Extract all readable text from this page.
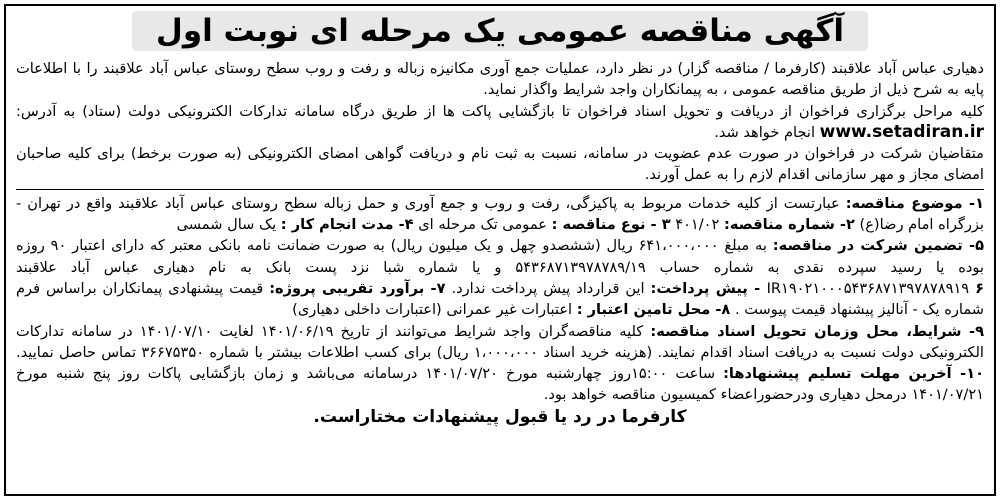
آگهی مناقصه عمومی یک مرحله ای نوبت اول

دهیاری عباس آباد علاقبند (کارفرما / مناقصه گزار) در نظر دارد، عملیات جمع آوری مکانیزه زباله و رفت و روب سطح روستای عباس آباد علاقبند را با اطلاعات پایه به شرح ذیل از طریق مناقصه عمومی ، به پیمانکاران واجد شرایط واگذار نماید.

کلیه مراحل برگزاری فراخوان از دریافت و تحویل اسناد فراخوان تا بازگشایی پاکت ها از طریق درگاه سامانه تدارکات الکترونیکی دولت (ستاد) به آدرس: www.setadiran.ir انجام خواهد شد.

متقاضیان شرکت در فراخوان در صورت عدم عضویت در سامانه، نسبت به ثبت نام و دریافت گواهی امضای الکترونیکی (به صورت برخط) برای کلیه صاحبان امضای مجاز و مهر سازمانی اقدام لازم را به عمل آورند.

۱- موضوع مناقصه: عبارتست از کلیه خدمات مربوط به پاکیزگی، رفت و روب و جمع آوری و حمل زباله سطح روستای عباس آباد علاقبند واقع در تهران - بزرگراه امام رضا(ع) ۲- شماره مناقصه: ۴۰۱/۰۲ ۳ - نوع مناقصه : عمومی تک مرحله ای ۴- مدت انجام کار : یک سال شمسی

۵- تضمین شرکت در مناقصه: به مبلغ ۶۴۱،۰۰۰،۰۰۰ ریال (ششصدو چهل و یک میلیون ریال) به صورت ضمانت نامه بانکی معتبر که دارای اعتبار ۹۰ روزه بوده یا رسید سپرده نقدی به شماره حساب ۵۴۳۶۸۷۱۳۹۷۸۷۸۹/۱۹ و یا شماره شبا نزد پست بانک به نام دهیاری عباس آباد علاقبند IR۱۹۰۲۱۰۰۰۵۴۳۶۸۷۱۳۹۷۸۷۸۹۱۹ ۶ - پیش پرداخت: این قرارداد پیش پرداخت ندارد. ۷- برآورد تقریبی پروژه: قیمت پیشنهادی پیمانکاران براساس فرم شماره یک - آنالیز پیشنهاد قیمت پیوست . ۸- محل تامین اعتبار : اعتبارات غیر عمرانی (اعتبارات داخلی دهیاری)

۹- شرایط، محل وزمان تحویل اسناد مناقصه: کلیه مناقصه‌گران واجد شرایط می‌توانند از تاریخ ۱۴۰۱/۰۶/۱۹ لغایت ۱۴۰۱/۰۷/۱۰ در سامانه تدارکات الکترونیکی دولت نسبت به دریافت اسناد اقدام نمایند. (هزینه خرید اسناد ۱،۰۰۰،۰۰۰ ریال) برای کسب اطلاعات بیشتر با شماره ۳۶۶۷۵۳۵۰ تماس حاصل نمایید. ۱۰- آخرین مهلت تسلیم پیشنهادها: ساعت ۱۵:۰۰روز چهارشنبه مورخ ۱۴۰۱/۰۷/۲۰ درسامانه می‌باشد و زمان بازگشایی پاکات روز پنج شنبه مورخ ۱۴۰۱/۰۷/۲۱ درمحل دهیاری ودرحضوراعضاء کمیسیون مناقصه خواهد بود.

کارفرما در رد یا قبول پیشنهادات مختاراست.
